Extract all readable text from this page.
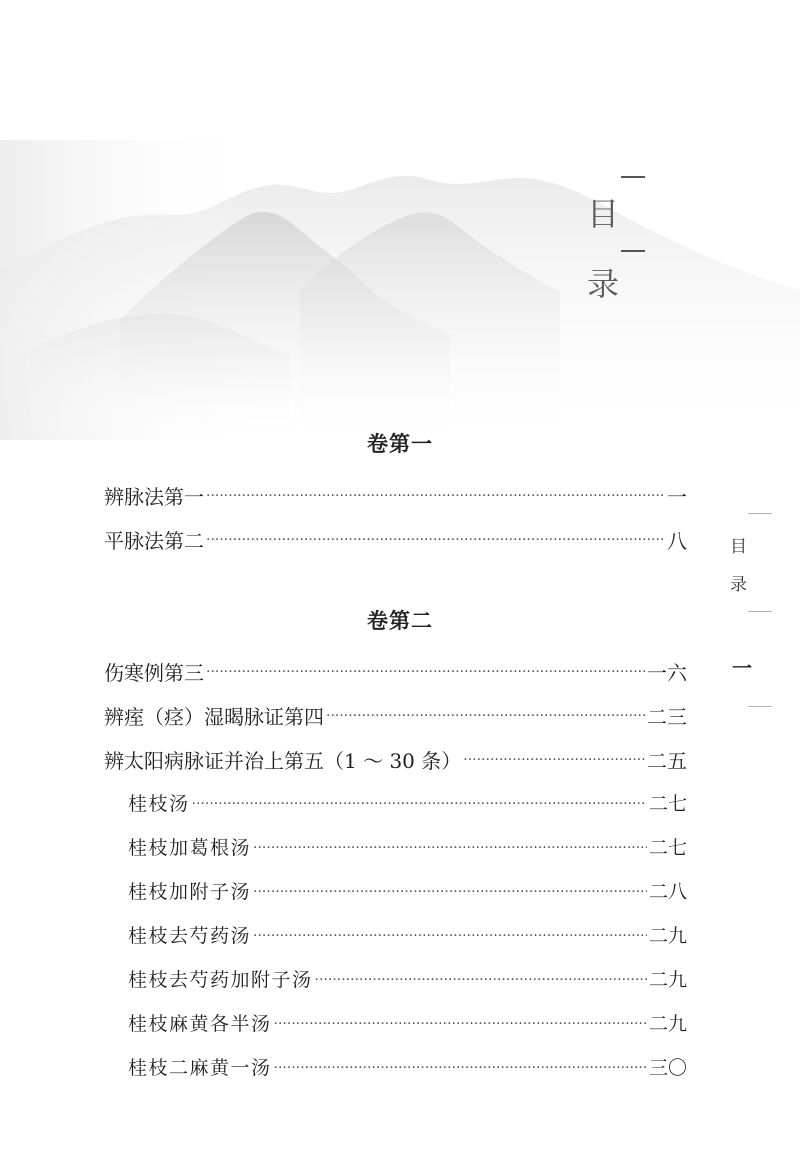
目
录
目
录
一
卷第一
辨脉法第一 ·····	一
平脉法第二 ·····	八
卷第二
伤寒例第三 ·····	一六
辨痓（痉）湿暍脉证第四 ·····	二三
辨太阳病脉证并治上第五（1 ～ 30 条） ·····	二五
桂枝汤 ·····	二七
桂枝加葛根汤 ·····	二七
桂枝加附子汤 ·····	二八
桂枝去芍药汤 ·····	二九
桂枝去芍药加附子汤 ·····	二九
桂枝麻黄各半汤 ·····	二九
桂枝二麻黄一汤 ·····	三〇
